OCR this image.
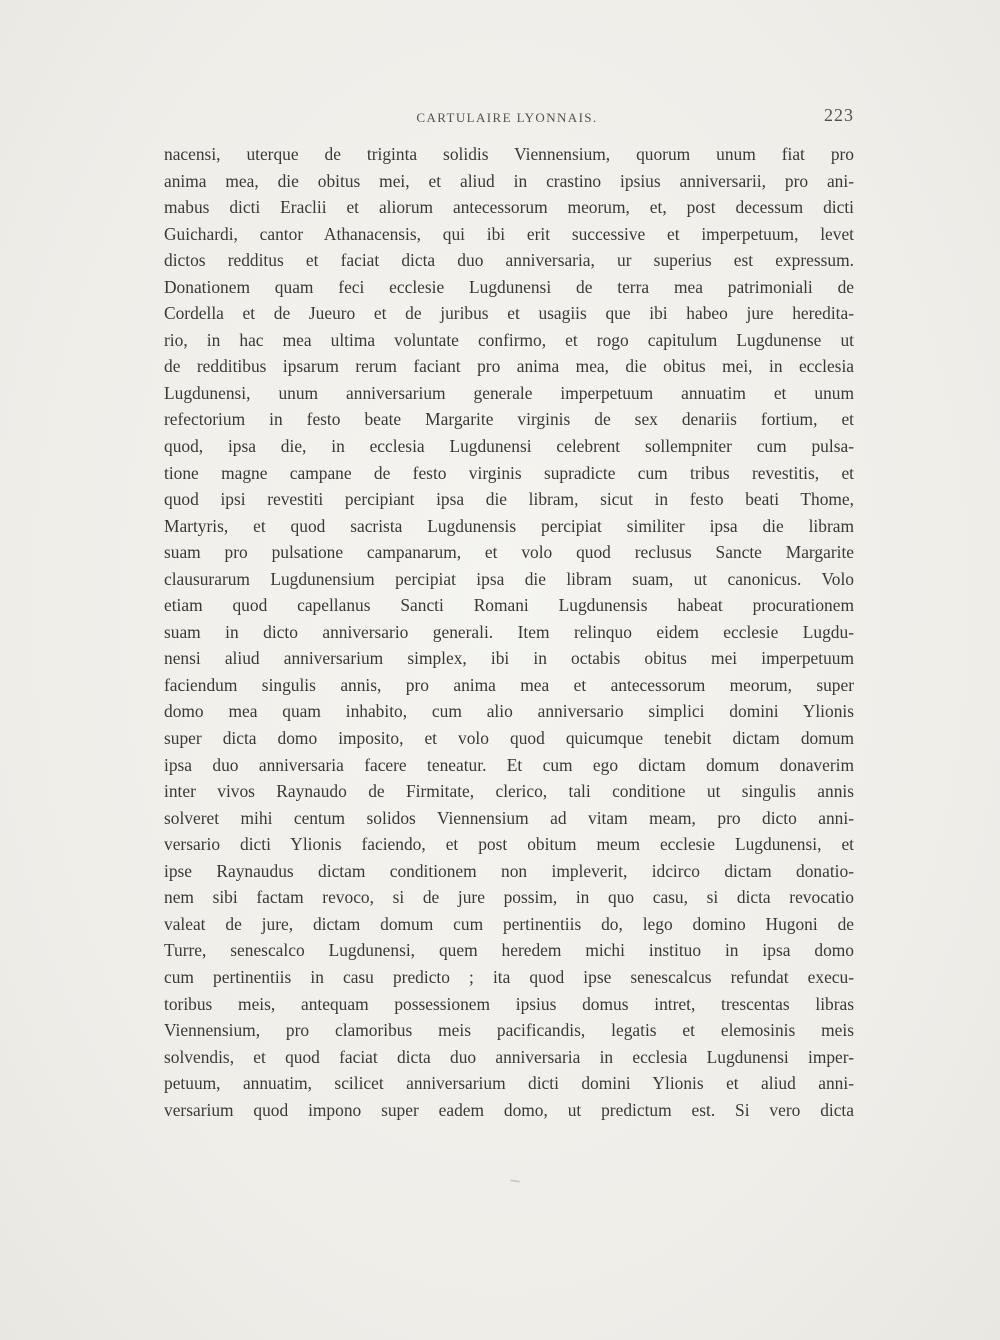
CARTULAIRE LYONNAIS.	223
nacensi, uterque de triginta solidis Viennensium, quorum unum fiat pro
anima mea, die obitus mei, et aliud in crastino ipsius anniversarii, pro ani-
mabus dicti Eraclii et aliorum antecessorum meorum, et, post decessum dicti
Guichardi, cantor Athanacensis, qui ibi erit successive et imperpetuum, levet
dictos redditus et faciat dicta duo anniversaria, ur superius est expressum.
Donationem quam feci ecclesie Lugdunensi de terra mea patrimoniali de
Cordella et de Jueuro et de juribus et usagiis que ibi habeo jure heredita-
rio, in hac mea ultima voluntate confirmo, et rogo capitulum Lugdunense ut
de redditibus ipsarum rerum faciant pro anima mea, die obitus mei, in ecclesia
Lugdunensi, unum anniversarium generale imperpetuum annuatim et unum
refectorium in festo beate Margarite virginis de sex denariis fortium, et
quod, ipsa die, in ecclesia Lugdunensi celebrent sollempniter cum pulsa-
tione magne campane de festo virginis supradicte cum tribus revestitis, et
quod ipsi revestiti percipiant ipsa die libram, sicut in festo beati Thome,
Martyris, et quod sacrista Lugdunensis percipiat similiter ipsa die libram
suam pro pulsatione campanarum, et volo quod reclusus Sancte Margarite
clausurarum Lugdunensium percipiat ipsa die libram suam, ut canonicus. Volo
etiam quod capellanus Sancti Romani Lugdunensis habeat procurationem
suam in dicto anniversario generali. Item relinquo eidem ecclesie Lugdu-
nensi aliud anniversarium simplex, ibi in octabis obitus mei imperpetuum
faciendum singulis annis, pro anima mea et antecessorum meorum, super
domo mea quam inhabito, cum alio anniversario simplici domini Ylionis
super dicta domo imposito, et volo quod quicumque tenebit dictam domum
ipsa duo anniversaria facere teneatur. Et cum ego dictam domum donaverim
inter vivos Raynaudo de Firmitate, clerico, tali conditione ut singulis annis
solveret mihi centum solidos Viennensium ad vitam meam, pro dicto anni-
versario dicti Ylionis faciendo, et post obitum meum ecclesie Lugdunensi, et
ipse Raynaudus dictam conditionem non impleverit, idcirco dictam donatio-
nem sibi factam revoco, si de jure possim, in quo casu, si dicta revocatio
valeat de jure, dictam domum cum pertinentiis do, lego domino Hugoni de
Turre, senescalco Lugdunensi, quem heredem michi instituo in ipsa domo
cum pertinentiis in casu predicto ; ita quod ipse senescalcus refundat execu-
toribus meis, antequam possessionem ipsius domus intret, trescentas libras
Viennensium, pro clamoribus meis pacificandis, legatis et elemosinis meis
solvendis, et quod faciat dicta duo anniversaria in ecclesia Lugdunensi imper-
petuum, annuatim, scilicet anniversarium dicti domini Ylionis et aliud anni-
versarium quod impono super eadem domo, ut predictum est. Si vero dicta
